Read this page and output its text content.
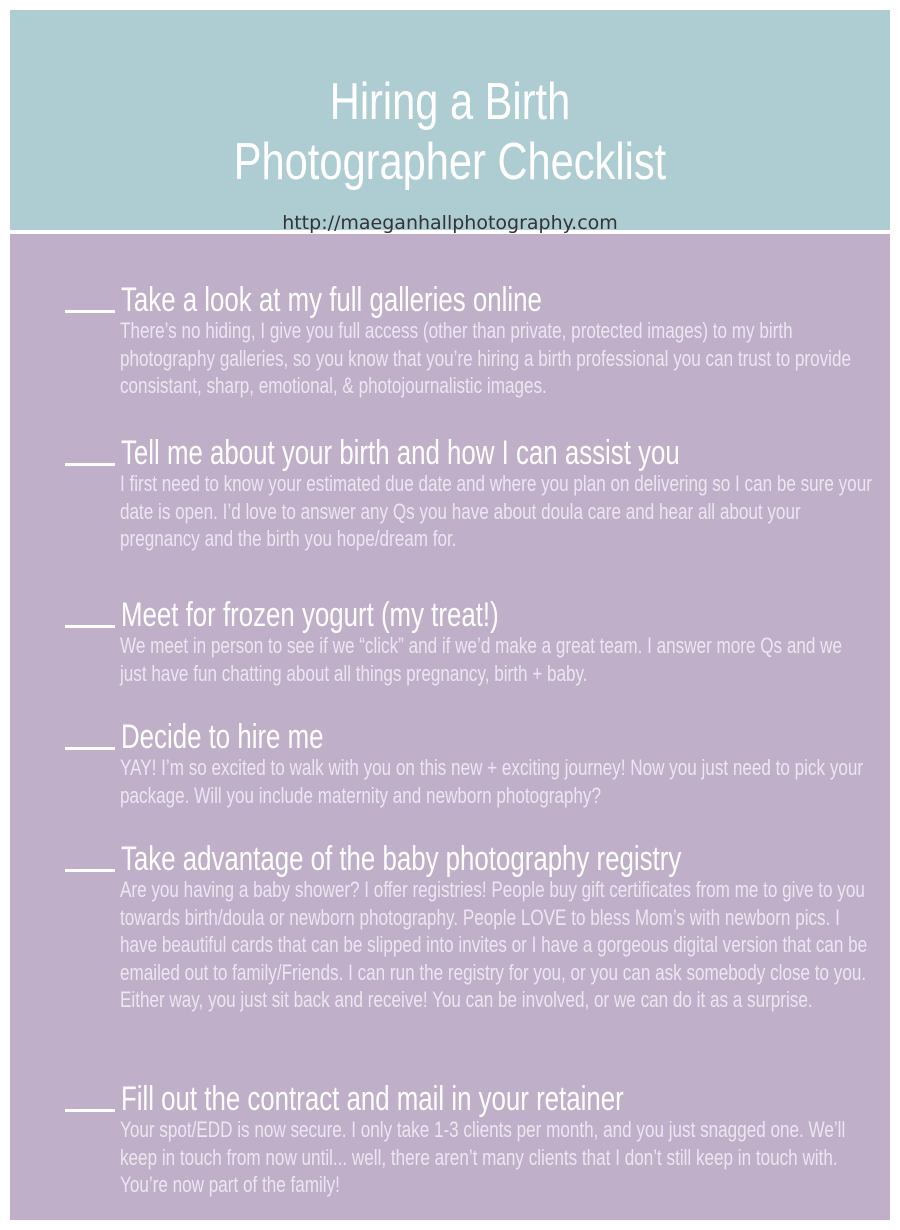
Hiring a Birth
Photographer Checklist
http://maeganhallphotography.com
Take a look at my full galleries online
There’s no hiding, I give you full access (other than private, protected images) to my birth photography galleries, so you know that you’re hiring a birth professional you can trust to provide consistant, sharp, emotional, & photojournalistic images.
Tell me about your birth and how I can assist you
I first need to know your estimated due date and where you plan on delivering so I can be sure your date is open. I’d love to answer any Qs you have about doula care and hear all about your pregnancy and the birth you hope/dream for.
Meet for frozen yogurt (my treat!)
We meet in person to see if we “click” and if we’d make a great team. I answer more Qs and we just have fun chatting about all things pregnancy, birth + baby.
Decide to hire me
YAY! I’m so excited to walk with you on this new + exciting journey! Now you just need to pick your package. Will you include maternity and newborn photography?
Take advantage of the baby photography registry
Are you having a baby shower? I offer registries! People buy gift certificates from me to give to you towards birth/doula or newborn photography. People LOVE to bless Mom’s with newborn pics. I have beautiful cards that can be slipped into invites or I have a gorgeous digital version that can be emailed out to family/Friends. I can run the registry for you, or you can ask somebody close to you. Either way, you just sit back and receive! You can be involved, or we can do it as a surprise.
Fill out the contract and mail in your retainer
Your spot/EDD is now secure. I only take 1-3 clients per month, and you just snagged one. We’ll keep in touch from now until... well, there aren’t many clients that I don’t still keep in touch with. You’re now part of the family!
